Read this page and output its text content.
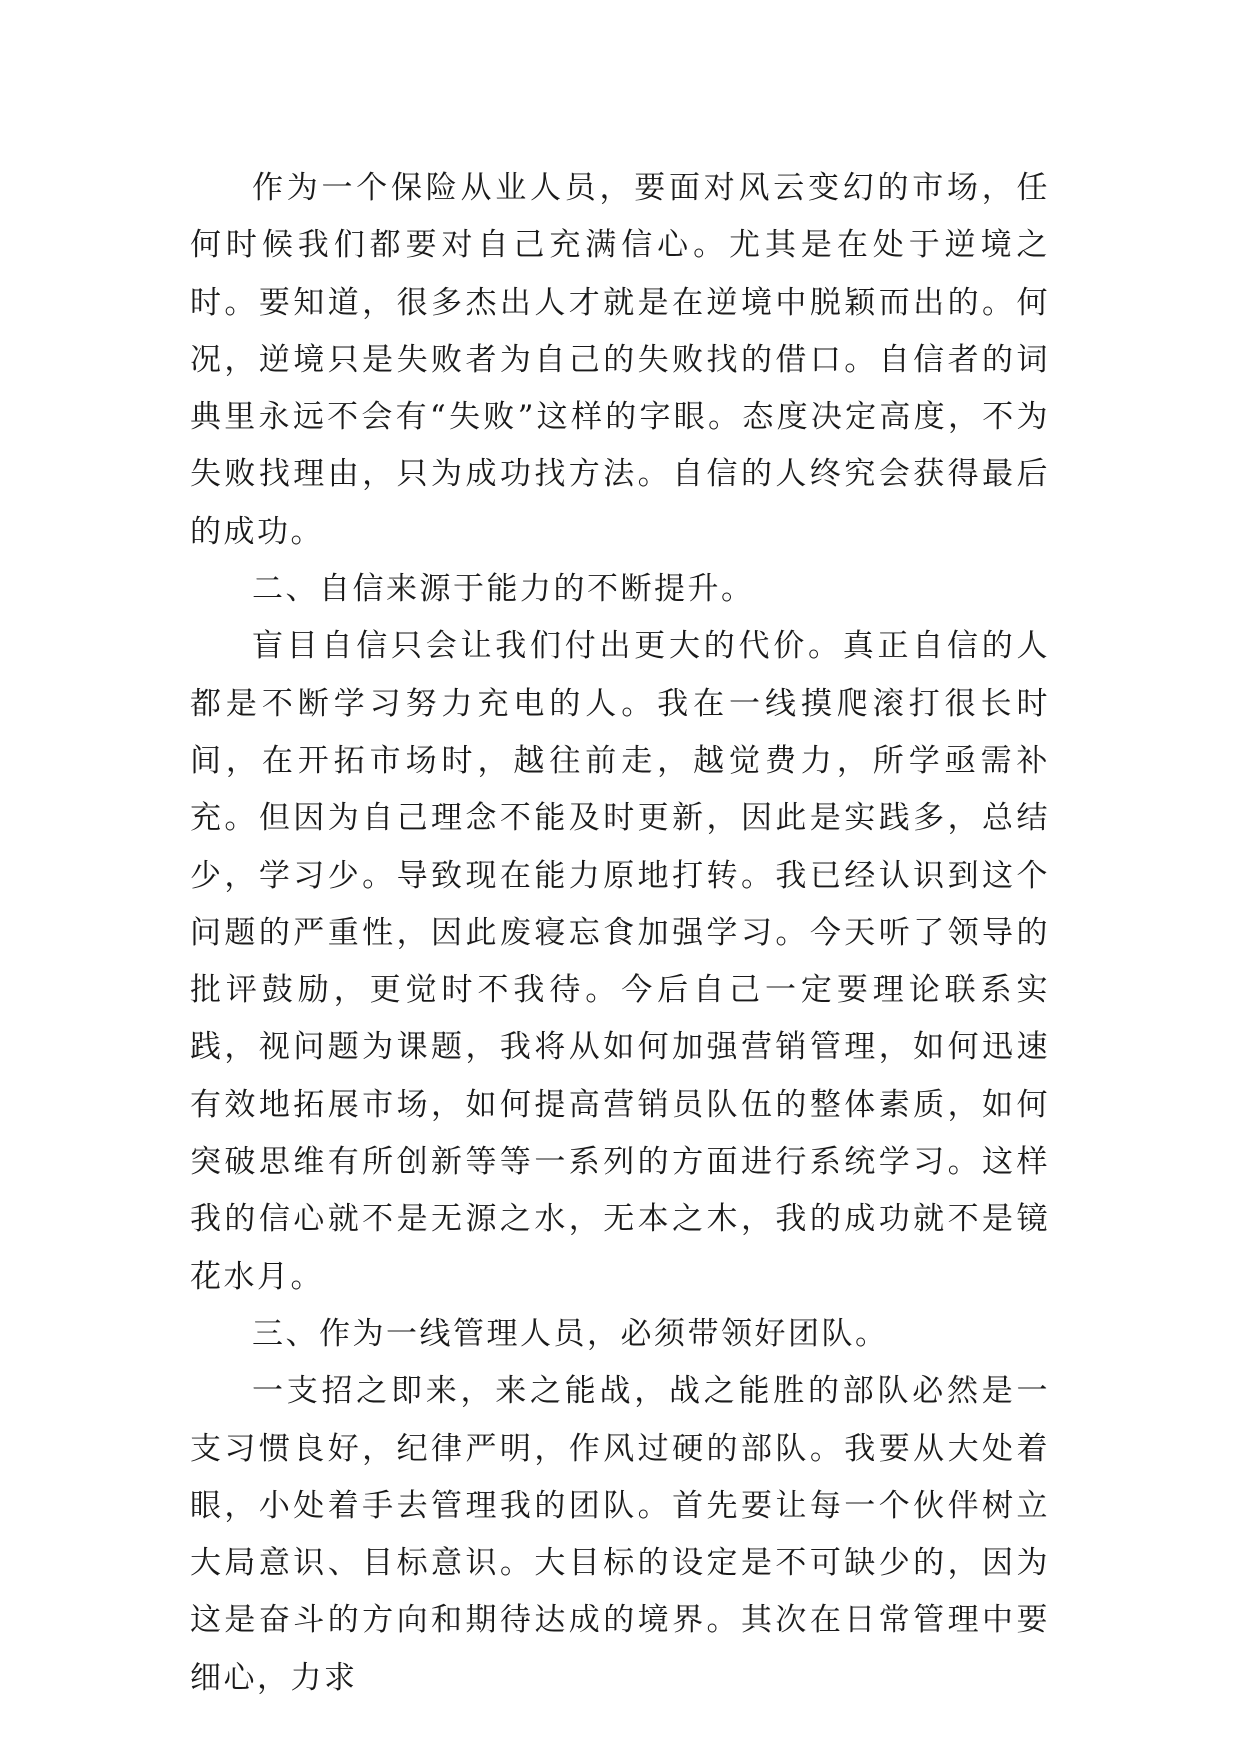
作为一个保险从业人员，要面对风云变幻的市场，任何时候我们都要对自己充满信心。尤其是在处于逆境之时。要知道，很多杰出人才就是在逆境中脱颖而出的。何况，逆境只是失败者为自己的失败找的借口。自信者的词典里永远不会有“失败”这样的字眼。态度决定高度，不为失败找理由，只为成功找方法。自信的人终究会获得最后的成功。

二、自信来源于能力的不断提升。

盲目自信只会让我们付出更大的代价。真正自信的人都是不断学习努力充电的人。我在一线摸爬滚打很长时间，在开拓市场时，越往前走，越觉费力，所学亟需补充。但因为自己理念不能及时更新，因此是实践多，总结少，学习少。导致现在能力原地打转。我已经认识到这个问题的严重性，因此废寝忘食加强学习。今天听了领导的批评鼓励，更觉时不我待。今后自己一定要理论联系实践，视问题为课题，我将从如何加强营销管理，如何迅速有效地拓展市场，如何提高营销员队伍的整体素质，如何突破思维有所创新等等一系列的方面进行系统学习。这样我的信心就不是无源之水，无本之木，我的成功就不是镜花水月。

三、作为一线管理人员，必须带领好团队。

一支招之即来，来之能战，战之能胜的部队必然是一支习惯良好，纪律严明，作风过硬的部队。我要从大处着眼，小处着手去管理我的团队。首先要让每一个伙伴树立大局意识、目标意识。大目标的设定是不可缺少的，因为这是奋斗的方向和期待达成的境界。其次在日常管理中要细心，力求
